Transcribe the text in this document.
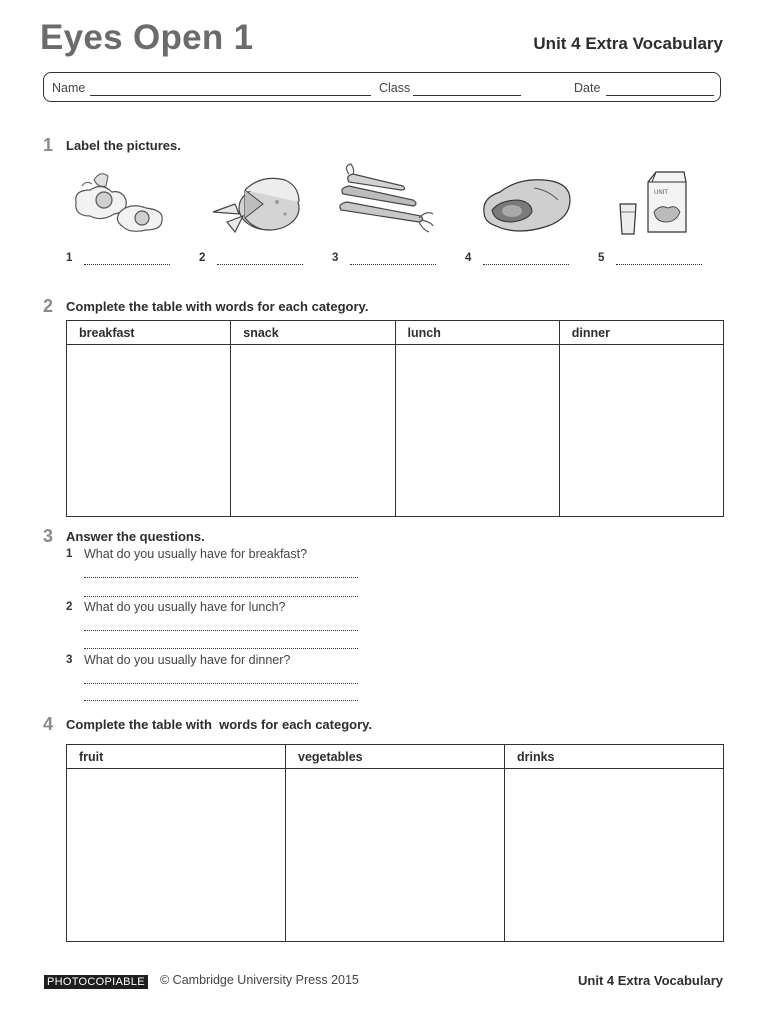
Eyes Open 1	Unit 4 Extra Vocabulary
Name	Class	Date
1 Label the pictures.
UNIT
1	2	3	4	5
2 Complete the table with words for each category.
breakfast	snack	lunch	dinner

3 Answer the questions.
1 What do you usually have for breakfast?
2 What do you usually have for lunch?
3 What do you usually have for dinner?
4 Complete the table with  words for each category.
fruit	vegetables	drinks

PHOTOCOPIABLE © Cambridge University Press 2015	Unit 4 Extra Vocabulary
